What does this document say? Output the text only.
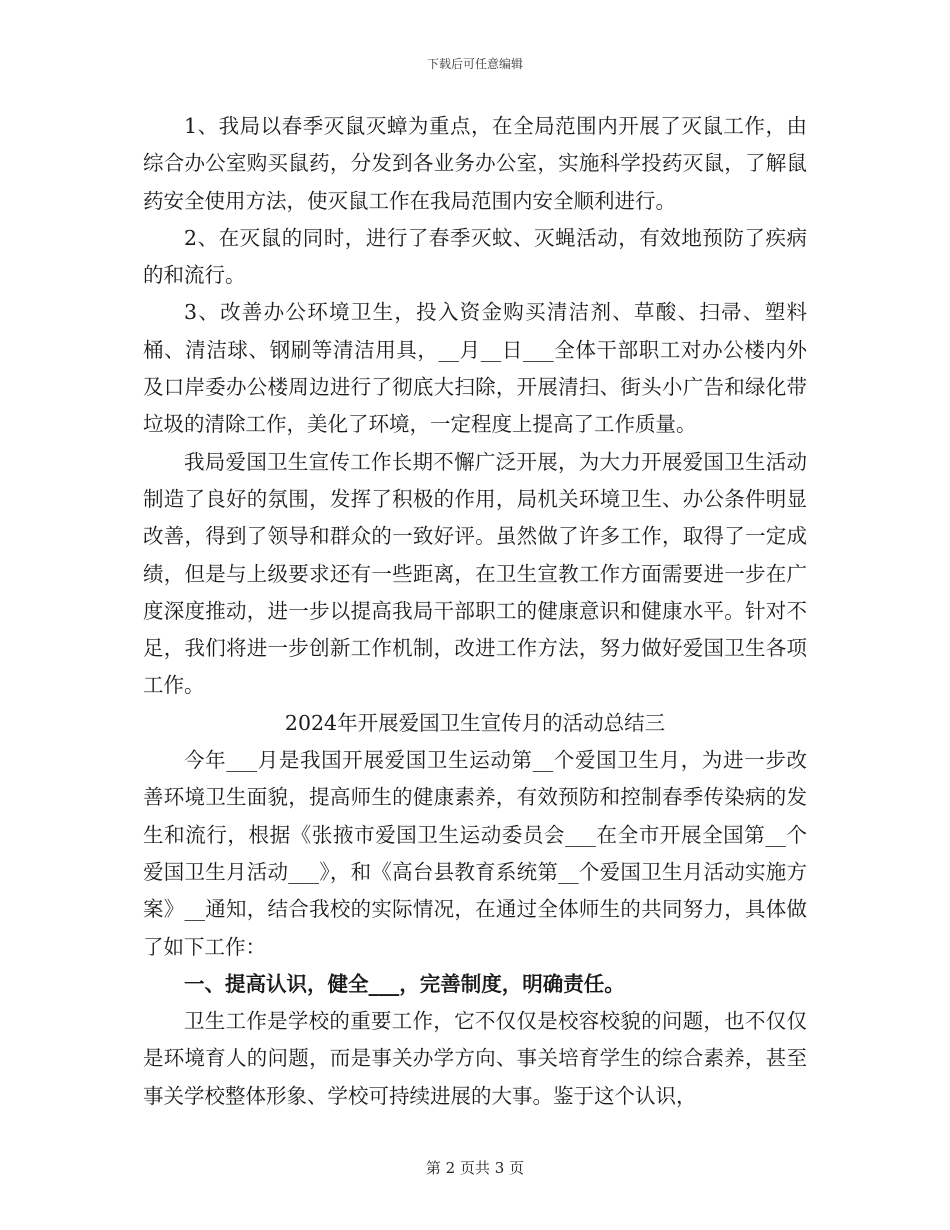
下载后可任意编辑

1、我局以春季灭鼠灭蟑为重点，在全局范围内开展了灭鼠工作，由综合办公室购买鼠药，分发到各业务办公室，实施科学投药灭鼠，了解鼠药安全使用方法，使灭鼠工作在我局范围内安全顺利进行。

2、在灭鼠的同时，进行了春季灭蚊、灭蝇活动，有效地预防了疾病的和流行。

3、改善办公环境卫生，投入资金购买清洁剂、草酸、扫帚、塑料桶、清洁球、钢刷等清洁用具，__月__日___全体干部职工对办公楼内外及口岸委办公楼周边进行了彻底大扫除，开展清扫、街头小广告和绿化带垃圾的清除工作，美化了环境，一定程度上提高了工作质量。

我局爱国卫生宣传工作长期不懈广泛开展，为大力开展爱国卫生活动制造了良好的氛围，发挥了积极的作用，局机关环境卫生、办公条件明显改善，得到了领导和群众的一致好评。虽然做了许多工作，取得了一定成绩，但是与上级要求还有一些距离，在卫生宣教工作方面需要进一步在广度深度推动，进一步以提高我局干部职工的健康意识和健康水平。针对不足，我们将进一步创新工作机制，改进工作方法，努力做好爱国卫生各项工作。

2024年开展爱国卫生宣传月的活动总结三

今年___月是我国开展爱国卫生运动第__个爱国卫生月，为进一步改善环境卫生面貌，提高师生的健康素养，有效预防和控制春季传染病的发生和流行，根据《张掖市爱国卫生运动委员会___在全市开展全国第__个爱国卫生月活动___》，和《高台县教育系统第__个爱国卫生月活动实施方案》__通知，结合我校的实际情况，在通过全体师生的共同努力，具体做了如下工作：

一、提高认识，健全___，完善制度，明确责任。

卫生工作是学校的重要工作，它不仅仅是校容校貌的问题，也不仅仅是环境育人的问题，而是事关办学方向、事关培育学生的综合素养，甚至事关学校整体形象、学校可持续进展的大事。鉴于这个认识，

第 2 页共 3 页
